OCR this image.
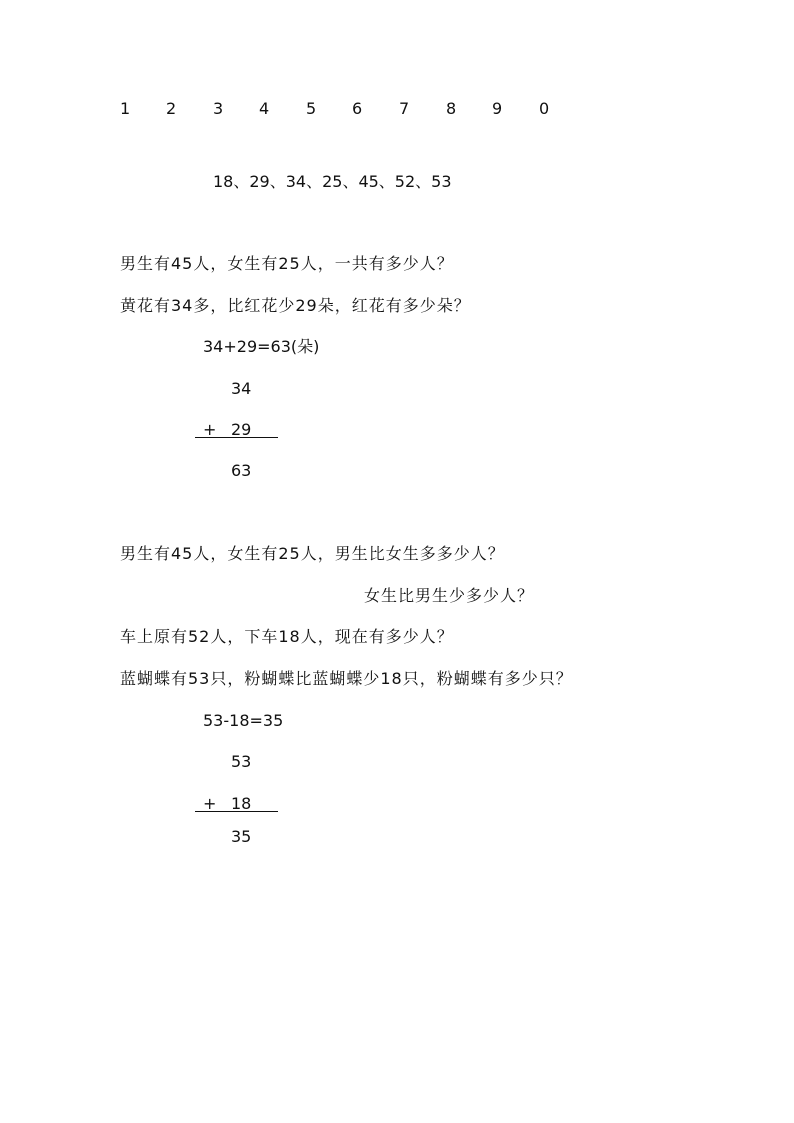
1 2 3 4 5 6 7 8 9 0
18、29、34、25、45、52、53
男生有45人，女生有25人，一共有多少人？
黄花有34多，比红花少29朵，红花有多少朵？
34+29=63(朵)
34
+ 29
63
男生有45人，女生有25人，男生比女生多多少人？
女生比男生少多少人？
车上原有52人，下车18人，现在有多少人？
蓝蝴蝶有53只，粉蝴蝶比蓝蝴蝶少18只，粉蝴蝶有多少只？
53-18=35
53
+ 18
35
